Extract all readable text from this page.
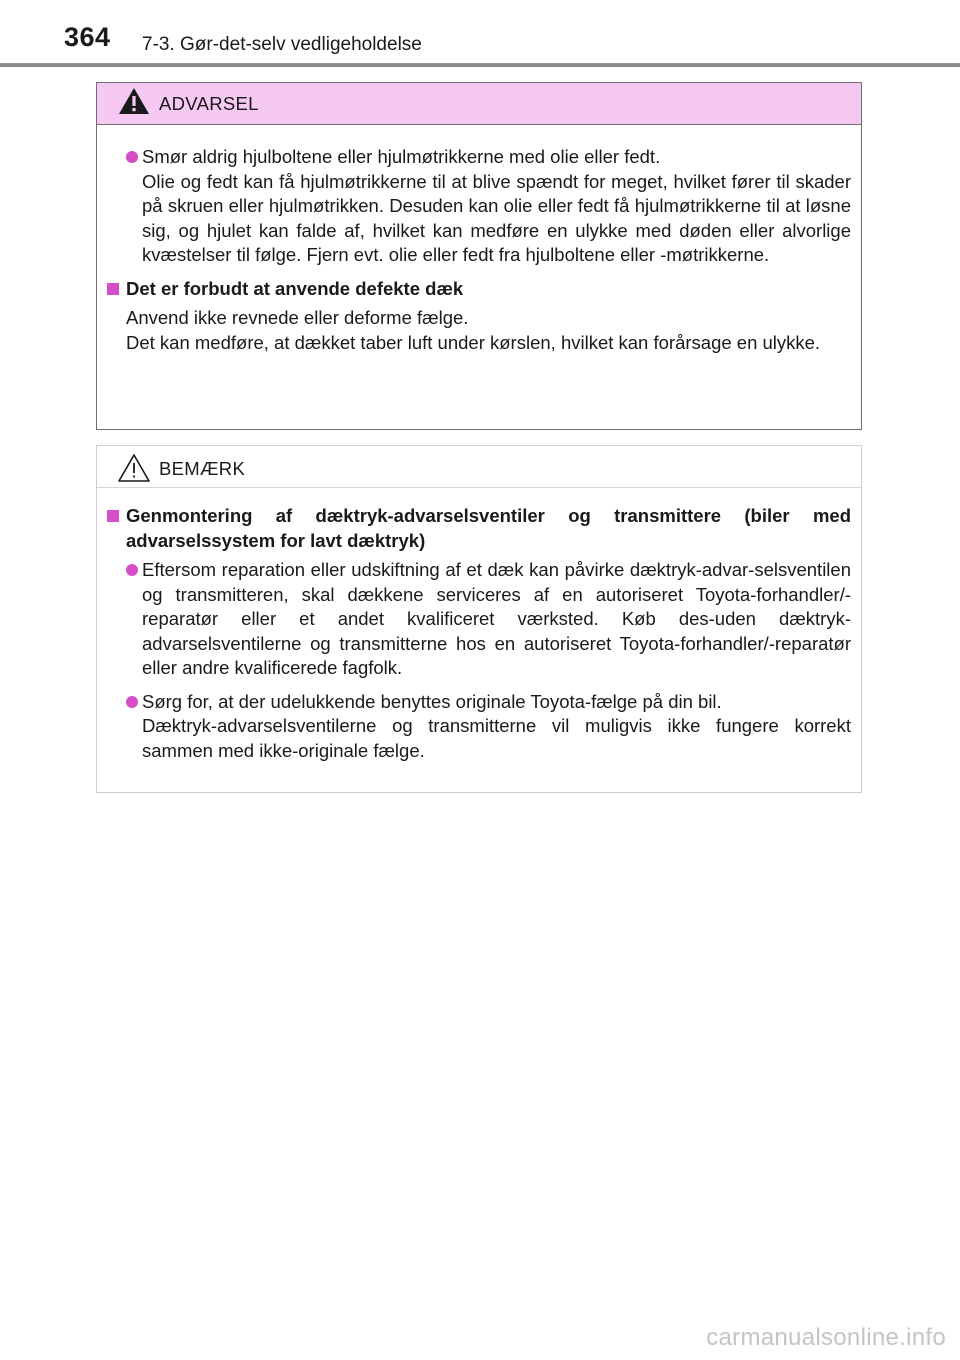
364 7-3. Gør-det-selv vedligeholdelse
ADVARSEL

Smør aldrig hjulboltene eller hjulmøtrikkerne med olie eller fedt.

Olie og fedt kan få hjulmøtrikkerne til at blive spændt for meget, hvilket fører til skader på skruen eller hjulmøtrikken. Desuden kan olie eller fedt få hjulmøtrikkerne til at løsne sig, og hjulet kan falde af, hvilket kan medføre en ulykke med døden eller alvorlige kvæstelser til følge. Fjern evt. olie eller fedt fra hjulboltene eller -møtrikkerne.

Det er forbudt at anvende defekte dæk

Anvend ikke revnede eller deforme fælge.

Det kan medføre, at dækket taber luft under kørslen, hvilket kan forårsage en ulykke.

BEMÆRK
Genmontering af dæktryk-advarselsventiler og transmittere (biler med advarselssystem for lavt dæktryk)

Eftersom reparation eller udskiftning af et dæk kan påvirke dæktryk-advar-selsventilen og transmitteren, skal dækkene serviceres af en autoriseret Toyota-forhandler/-reparatør eller et andet kvalificeret værksted. Køb des-uden dæktryk-advarselsventilerne og transmitterne hos en autoriseret Toyota-forhandler/-reparatør eller andre kvalificerede fagfolk.

Sørg for, at der udelukkende benyttes originale Toyota-fælge på din bil.

Dæktryk-advarselsventilerne og transmitterne vil muligvis ikke fungere korrekt sammen med ikke-originale fælge.

carmanualsonline.info
